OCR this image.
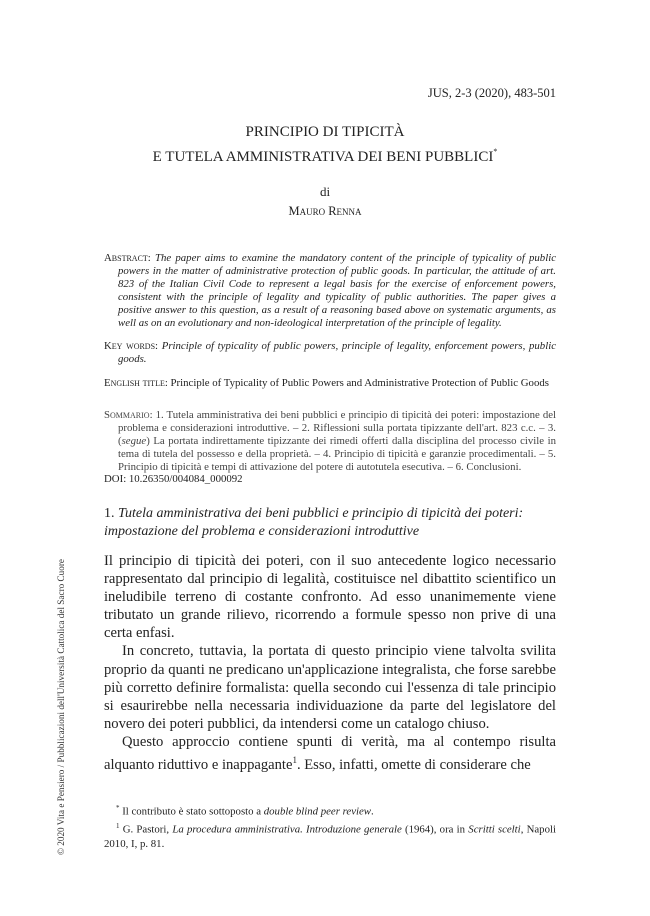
JUS, 2-3 (2020), 483-501
PRINCIPIO DI TIPICITÀ
E TUTELA AMMINISTRATIVA DEI BENI PUBBLICI*
di
Mauro Renna
Abstract: The paper aims to examine the mandatory content of the principle of typicality of public powers in the matter of administrative protection of public goods. In particular, the attitude of art. 823 of the Italian Civil Code to represent a legal basis for the exercise of enforcement powers, consistent with the principle of legality and typicality of public authorities. The paper gives a positive answer to this question, as a result of a reasoning based above on systematic arguments, as well as on an evolutionary and non-ideological interpretation of the principle of legality.
Key words: Principle of typicality of public powers, principle of legality, enforcement powers, public goods.
English title: Principle of Typicality of Public Powers and Administrative Protection of Public Goods
Sommario: 1. Tutela amministrativa dei beni pubblici e principio di tipicità dei poteri: impostazione del problema e considerazioni introduttive. – 2. Riflessioni sulla portata tipizzante dell'art. 823 c.c. – 3. (segue) La portata indirettamente tipizzante dei rimedi offerti dalla disciplina del processo civile in tema di tutela del possesso e della proprietà. – 4. Principio di tipicità e garanzie procedimentali. – 5. Principio di tipicità e tempi di attivazione del potere di autotutela esecutiva. – 6. Conclusioni.
DOI: 10.26350/004084_000092
1. Tutela amministrativa dei beni pubblici e principio di tipicità dei poteri: impostazione del problema e considerazioni introduttive

Il principio di tipicità dei poteri, con il suo antecedente logico necessario rappresentato dal principio di legalità, costituisce nel dibattito scientifico un ineludibile terreno di costante confronto. Ad esso unanimemente viene tributato un grande rilievo, ricorrendo a formule spesso non prive di una certa enfasi.

In concreto, tuttavia, la portata di questo principio viene talvolta svilita proprio da quanti ne predicano un'applicazione integralista, che forse sarebbe più corretto definire formalista: quella secondo cui l'essenza di tale principio si esaurirebbe nella necessaria individuazione da parte del legislatore del novero dei poteri pubblici, da intendersi come un catalogo chiuso.

Questo approccio contiene spunti di verità, ma al contempo risulta alquanto riduttivo e inappagante$^1$. Esso, infatti, omette di considerare che

* Il contributo è stato sottoposto a double blind peer review.

$^1$ G. Pastori, La procedura amministrativa. Introduzione generale (1964), ora in Scritti scelti, Napoli 2010, I, p. 81.

© 2020 Vita e Pensiero / Pubblicazioni dell'Università Cattolica del Sacro Cuore
